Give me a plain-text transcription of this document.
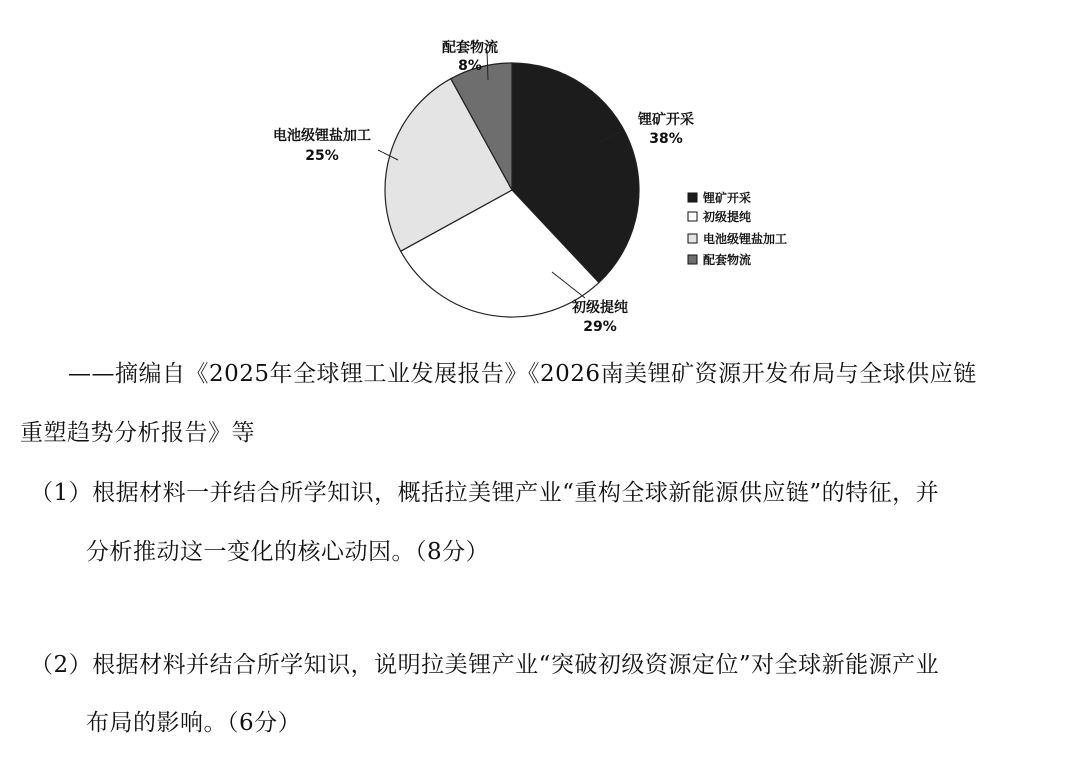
锂矿开采
38%
初级提纯
29%
电池级锂盐加工
25%
配套物流
8%
锂矿开采
初级提纯
电池级锂盐加工
配套物流
——摘编自《2025年全球锂工业发展报告》《2026南美锂矿资源开发布局与全球供应链
重塑趋势分析报告》等
（1）根据材料一并结合所学知识，概括拉美锂产业“重构全球新能源供应链”的特征，并
分析推动这一变化的核心动因。（8分）
（2）根据材料并结合所学知识，说明拉美锂产业“突破初级资源定位”对全球新能源产业
布局的影响。（6分）
